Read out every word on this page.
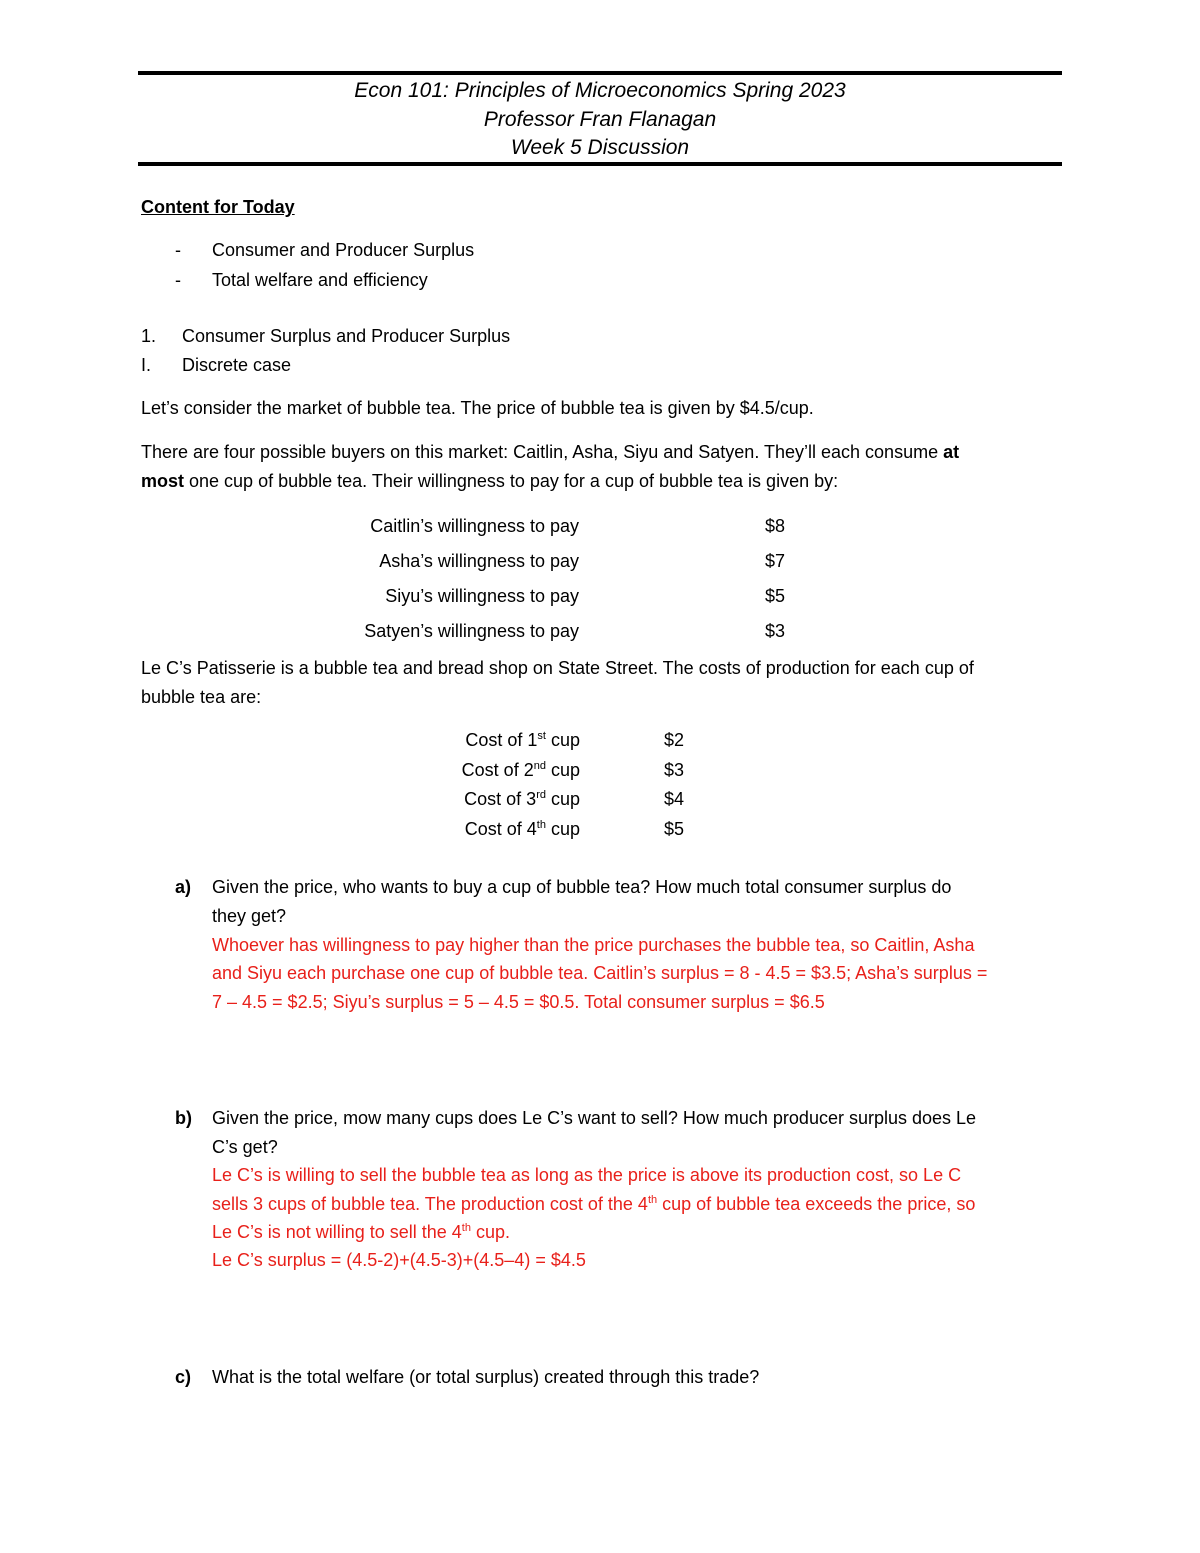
Econ 101: Principles of Microeconomics Spring 2023
Professor Fran Flanagan
Week 5 Discussion
Content for Today
- Consumer and Producer Surplus
- Total welfare and efficiency
1. Consumer Surplus and Producer Surplus
I. Discrete case
Let’s consider the market of bubble tea. The price of bubble tea is given by $4.5/cup.
There are four possible buyers on this market: Caitlin, Asha, Siyu and Satyen. They’ll each consume at
most one cup of bubble tea. Their willingness to pay for a cup of bubble tea is given by:
Caitlin’s willingness to pay	$8
Asha’s willingness to pay	$7
Siyu’s willingness to pay	$5
Satyen’s willingness to pay	$3
Le C’s Patisserie is a bubble tea and bread shop on State Street. The costs of production for each cup of
bubble tea are:
Cost of 1st cup	$2
Cost of 2nd cup	$3
Cost of 3rd cup	$4
Cost of 4th cup	$5
a) Given the price, who wants to buy a cup of bubble tea? How much total consumer surplus do
they get?
Whoever has willingness to pay higher than the price purchases the bubble tea, so Caitlin, Asha
and Siyu each purchase one cup of bubble tea. Caitlin’s surplus = 8 - 4.5 = $3.5; Asha’s surplus =
7 – 4.5 = $2.5; Siyu’s surplus = 5 – 4.5 = $0.5. Total consumer surplus = $6.5
b) Given the price, mow many cups does Le C’s want to sell? How much producer surplus does Le
C’s get?
Le C’s is willing to sell the bubble tea as long as the price is above its production cost, so Le C
sells 3 cups of bubble tea. The production cost of the 4th cup of bubble tea exceeds the price, so
Le C’s is not willing to sell the 4th cup.
Le C’s surplus = (4.5-2)+(4.5-3)+(4.5–4) = $4.5
c) What is the total welfare (or total surplus) created through this trade?
